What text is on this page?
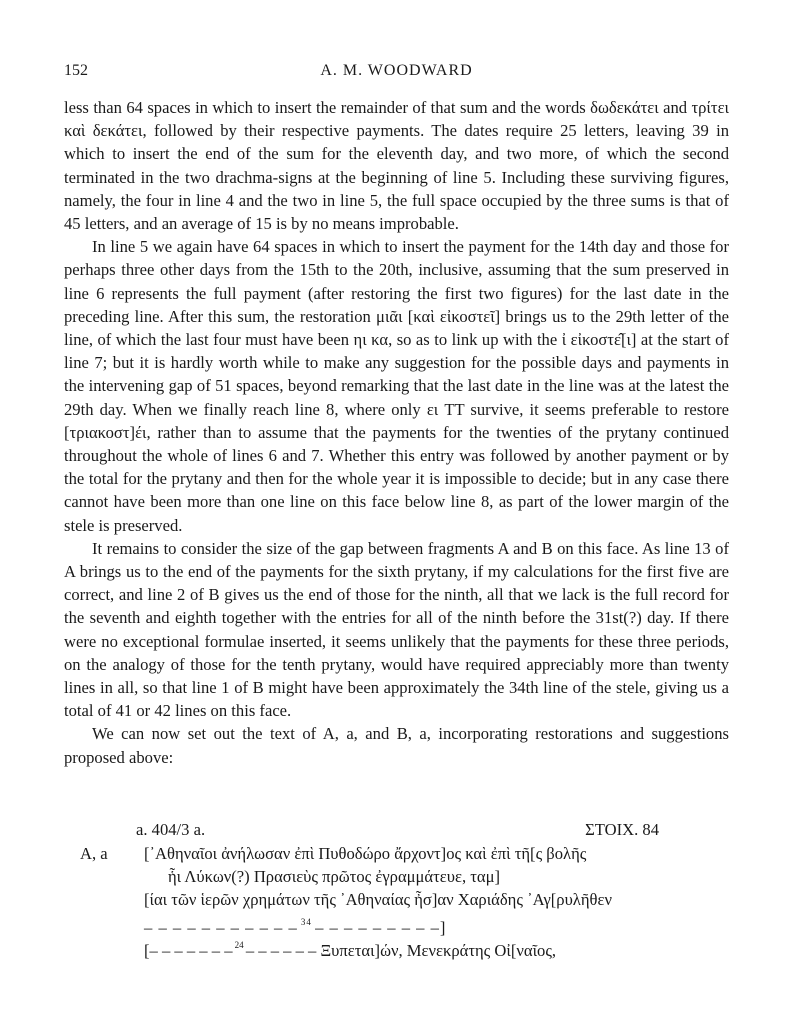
152	A. M. WOODWARD

less than 64 spaces in which to insert the remainder of that sum and the words δωδεκάτει and τρίτει καὶ δεκάτει, followed by their respective payments. The dates require 25 letters, leaving 39 in which to insert the end of the sum for the eleventh day, and two more, of which the second terminated in the two drachma-signs at the beginning of line 5. Including these surviving figures, namely, the four in line 4 and the two in line 5, the full space occupied by the three sums is that of 45 letters, and an average of 15 is by no means improbable.

In line 5 we again have 64 spaces in which to insert the payment for the 14th day and those for perhaps three other days from the 15th to the 20th, inclusive, assuming that the sum preserved in line 6 represents the full payment (after restoring the first two figures) for the last date in the preceding line. After this sum, the restoration μιᾶι [καὶ εἰκοστεῖ] brings us to the 29th letter of the line, of which the last four must have been ηι κα, so as to link up with the ἰ εἰκοστε̂[ι] at the start of line 7; but it is hardly worth while to make any suggestion for the possible days and payments in the intervening gap of 51 spaces, beyond remarking that the last date in the line was at the latest the 29th day. When we finally reach line 8, where only ει TT survive, it seems preferable to restore [τριακοστ]έι, rather than to assume that the payments for the twenties of the prytany continued throughout the whole of lines 6 and 7. Whether this entry was followed by another payment or by the total for the prytany and then for the whole year it is impossible to decide; but in any case there cannot have been more than one line on this face below line 8, as part of the lower margin of the stele is preserved.

It remains to consider the size of the gap between fragments A and B on this face. As line 13 of A brings us to the end of the payments for the sixth prytany, if my calculations for the first five are correct, and line 2 of B gives us the end of those for the ninth, all that we lack is the full record for the seventh and eighth together with the entries for all of the ninth before the 31st(?) day. If there were no exceptional formulae inserted, it seems unlikely that the payments for these three periods, on the analogy of those for the tenth prytany, would have required appreciably more than twenty lines in all, so that line 1 of B might have been approximately the 34th line of the stele, giving us a total of 41 or 42 lines on this face.

We can now set out the text of A, a, and B, a, incorporating restorations and suggestions proposed above:

a. 404/3 a.	ΣΤΟΙΧ. 84
A, a [᾿Αθηναῖοι ἀνήλωσαν ἐπὶ Πυθοδώρο ἄρχοντ]ος καὶ ἐπὶ τῆ[ς βολῆς
ἧι Λύκων(?) Πρασιεὺς πρῶτος ἐγραμμάτευε, ταμ]
[ίαι τῶν ἱερῶν χρημάτων τῆς ᾿Αθηναίας ἦσ]αν Χαριάδης ᾿Αγ[ρυλῆθεν
– – – – – – – – – – – $^{34}$ – – – – – – – – –]
[– – – – – – – $^{24}$ – – – – – – Ξυπεται]ών, Μενεκράτης Οἰ[ναῖος,
